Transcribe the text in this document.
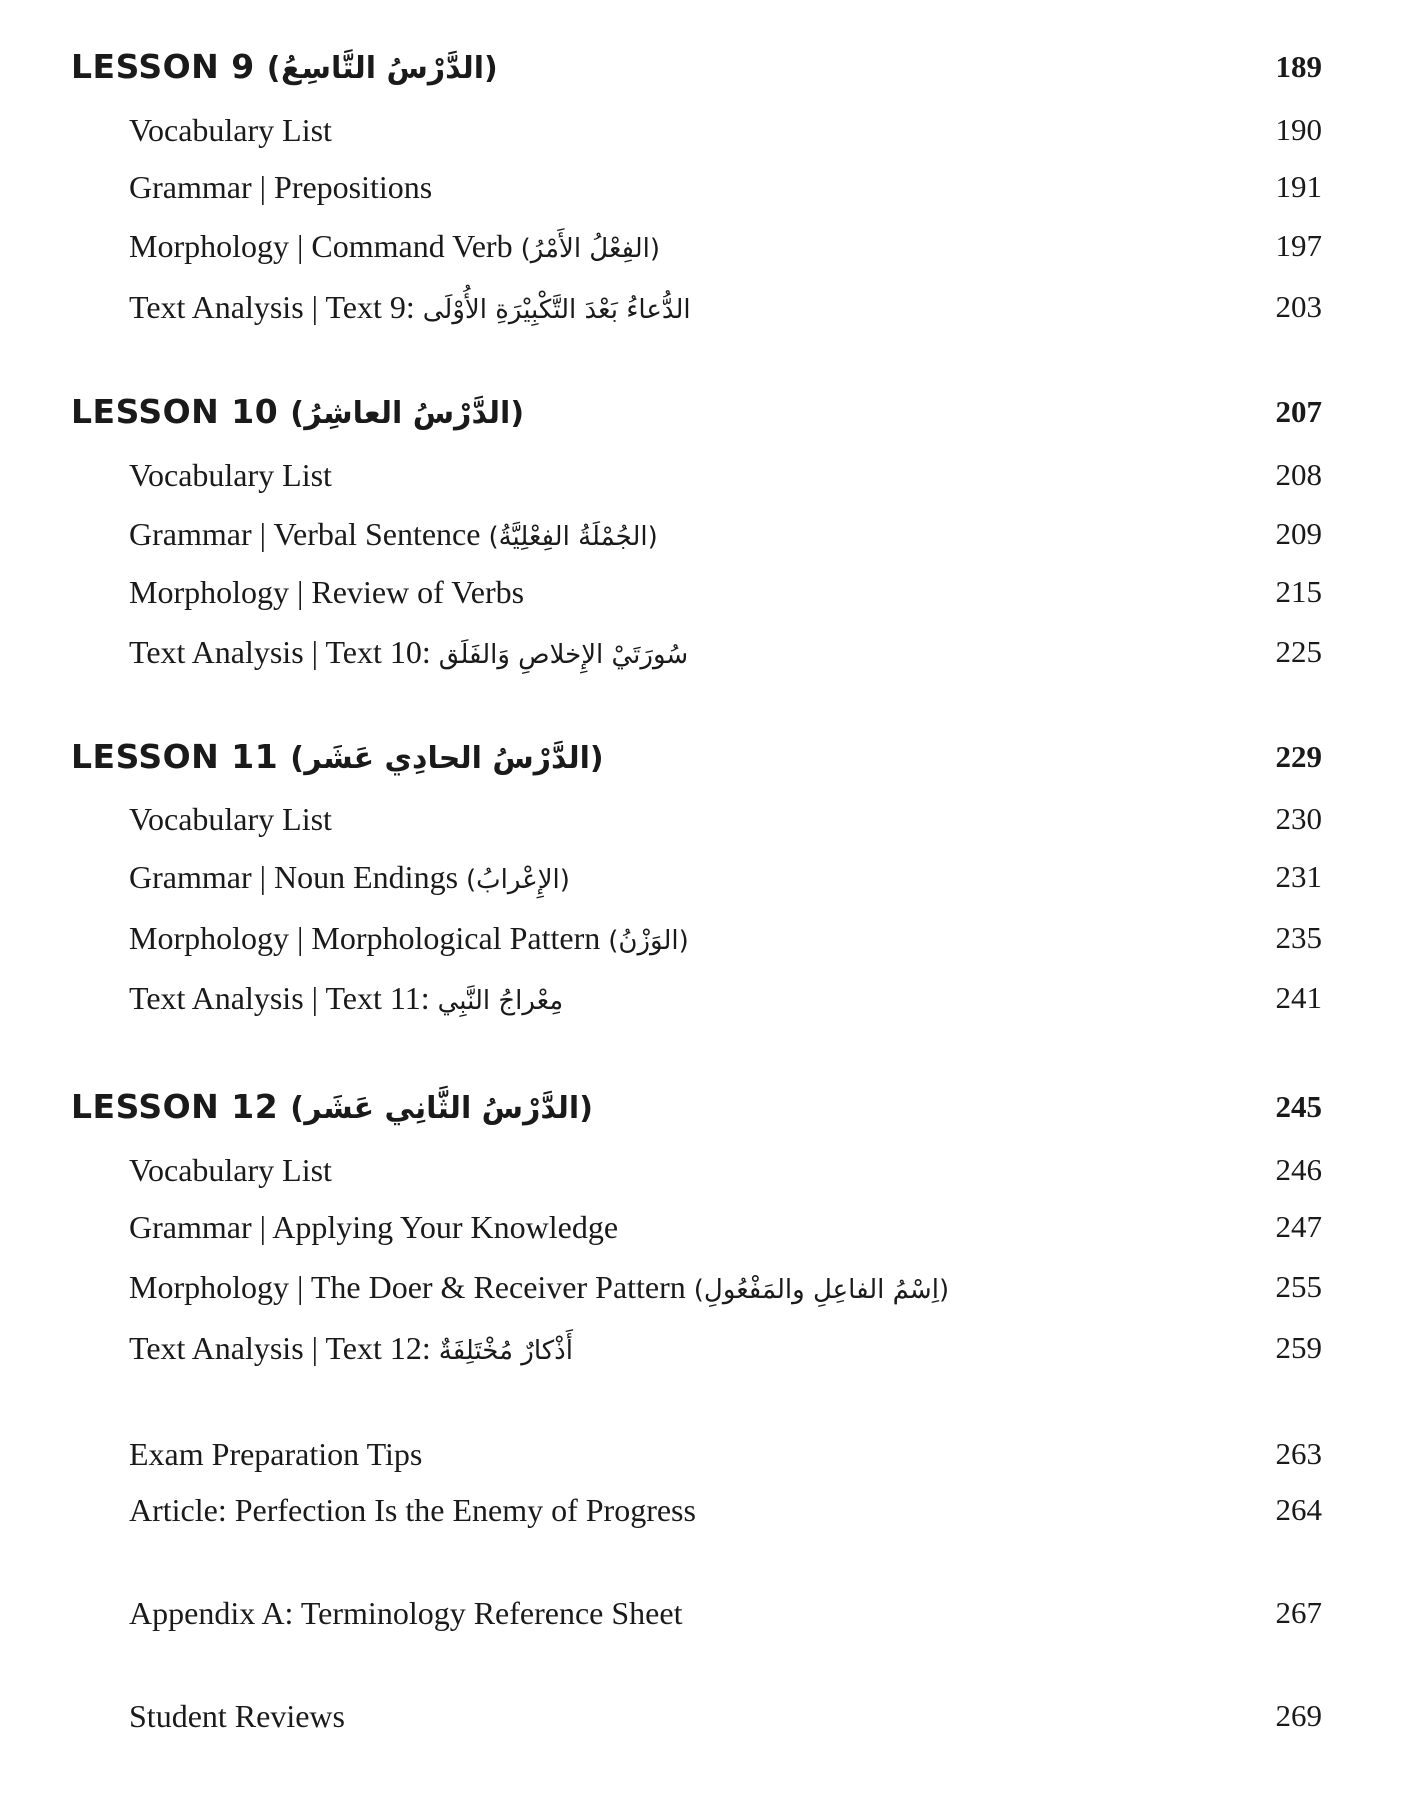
LESSON 9 (الدَّرْسُ التَّاسِعُ)	189
Vocabulary List	190
Grammar | Prepositions	191
Morphology | Command Verb (الفِعْلُ الأَمْرُ)	197
Text Analysis | Text 9: الدُّعاءُ بَعْدَ التَّكْبِيْرَةِ الأُوْلَى	203
LESSON 10 (الدَّرْسُ العاشِرُ)	207
Vocabulary List	208
Grammar | Verbal Sentence (الجُمْلَةُ الفِعْلِيَّةُ)	209
Morphology | Review of Verbs	215
Text Analysis | Text 10: سُورَتَيْ الإِخلاصِ وَالفَلَق	225
LESSON 11 (الدَّرْسُ الحادِي عَشَر)	229
Vocabulary List	230
Grammar | Noun Endings (الإِعْرابُ)	231
Morphology | Morphological Pattern (الوَزْنُ)	235
Text Analysis | Text 11: مِعْراجُ النَّبِي	241
LESSON 12 (الدَّرْسُ الثَّانِي عَشَر)	245
Vocabulary List	246
Grammar | Applying Your Knowledge	247
Morphology | The Doer & Receiver Pattern (اِسْمُ الفاعِلِ والمَفْعُولِ)	255
Text Analysis | Text 12: أَذْكارٌ مُخْتَلِفَةٌ	259
Exam Preparation Tips	263
Article: Perfection Is the Enemy of Progress	264
Appendix A: Terminology Reference Sheet	267
Student Reviews	269
